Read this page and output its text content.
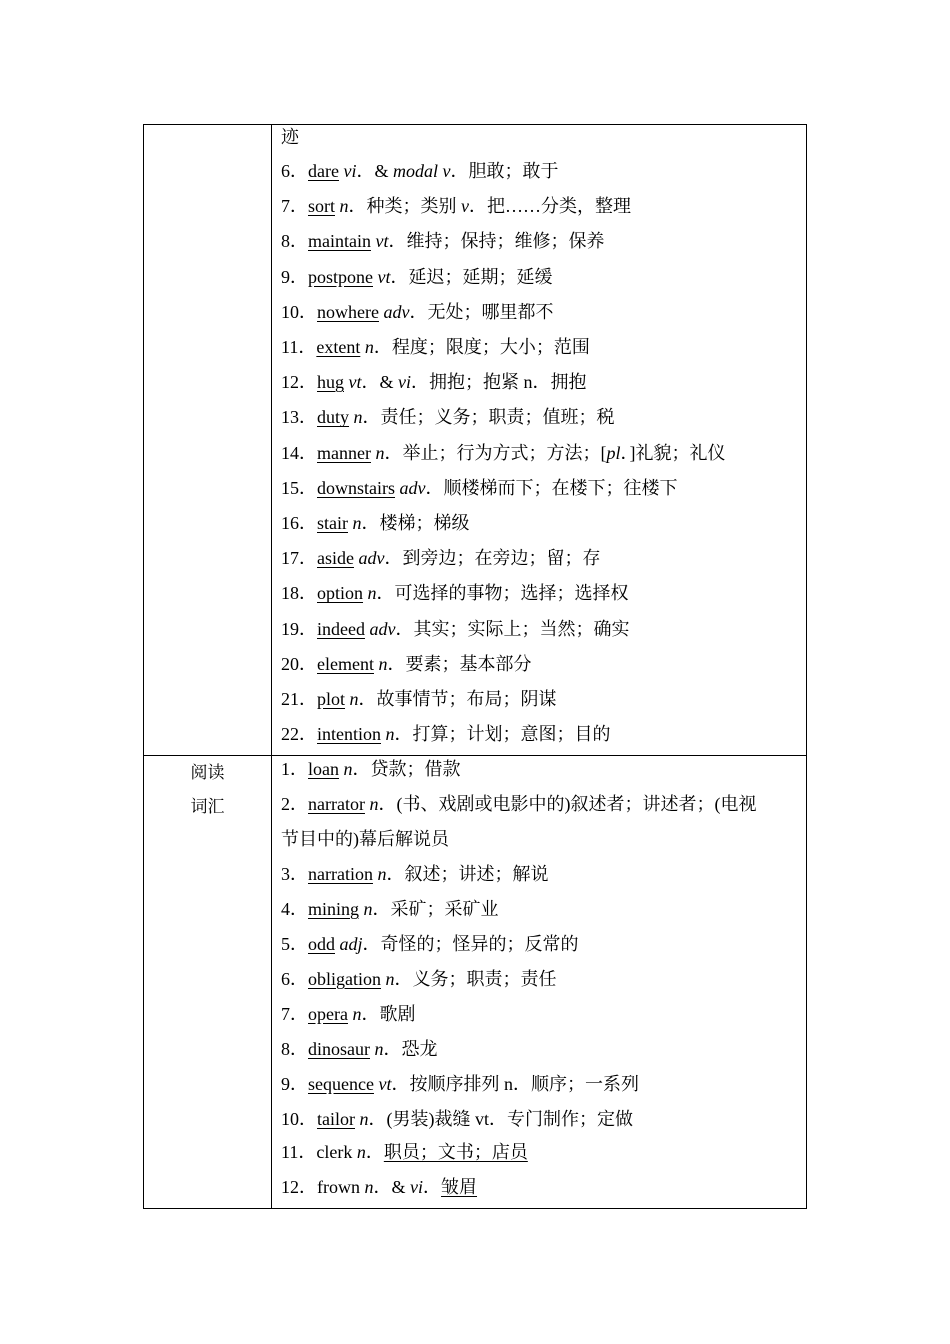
阅读
词汇
迹
6．dare vi．& modal v．胆敢；敢于
7．sort n．种类；类别 v．把……分类，整理
8．maintain vt．维持；保持；维修；保养
9．postpone vt．延迟；延期；延缓
10．nowhere adv．无处；哪里都不
11．extent n．程度；限度；大小；范围
12．hug vt．& vi．拥抱；抱紧 n．拥抱
13．duty n．责任；义务；职责；值班；税
14．manner n．举止；行为方式；方法；[pl．]礼貌；礼仪
15．downstairs adv．顺楼梯而下；在楼下；往楼下
16．stair n．楼梯；梯级
17．aside adv．到旁边；在旁边；留；存
18．option n．可选择的事物；选择；选择权
19．indeed adv．其实；实际上；当然；确实
20．element n．要素；基本部分
21．plot n．故事情节；布局；阴谋
22．intention n．打算；计划；意图；目的
1．loan n．贷款；借款
2．narrator n．(书、戏剧或电影中的)叙述者；讲述者；(电视
节目中的)幕后解说员
3．narration n．叙述；讲述；解说
4．mining n．采矿；采矿业
5．odd adj．奇怪的；怪异的；反常的
6．obligation n．义务；职责；责任
7．opera n．歌剧
8．dinosaur n．恐龙
9．sequence vt．按顺序排列 n．顺序；一系列
10．tailor n．(男装)裁缝 vt．专门制作；定做
11．clerk n．职员；文书；店员
12．frown n．& vi．皱眉
